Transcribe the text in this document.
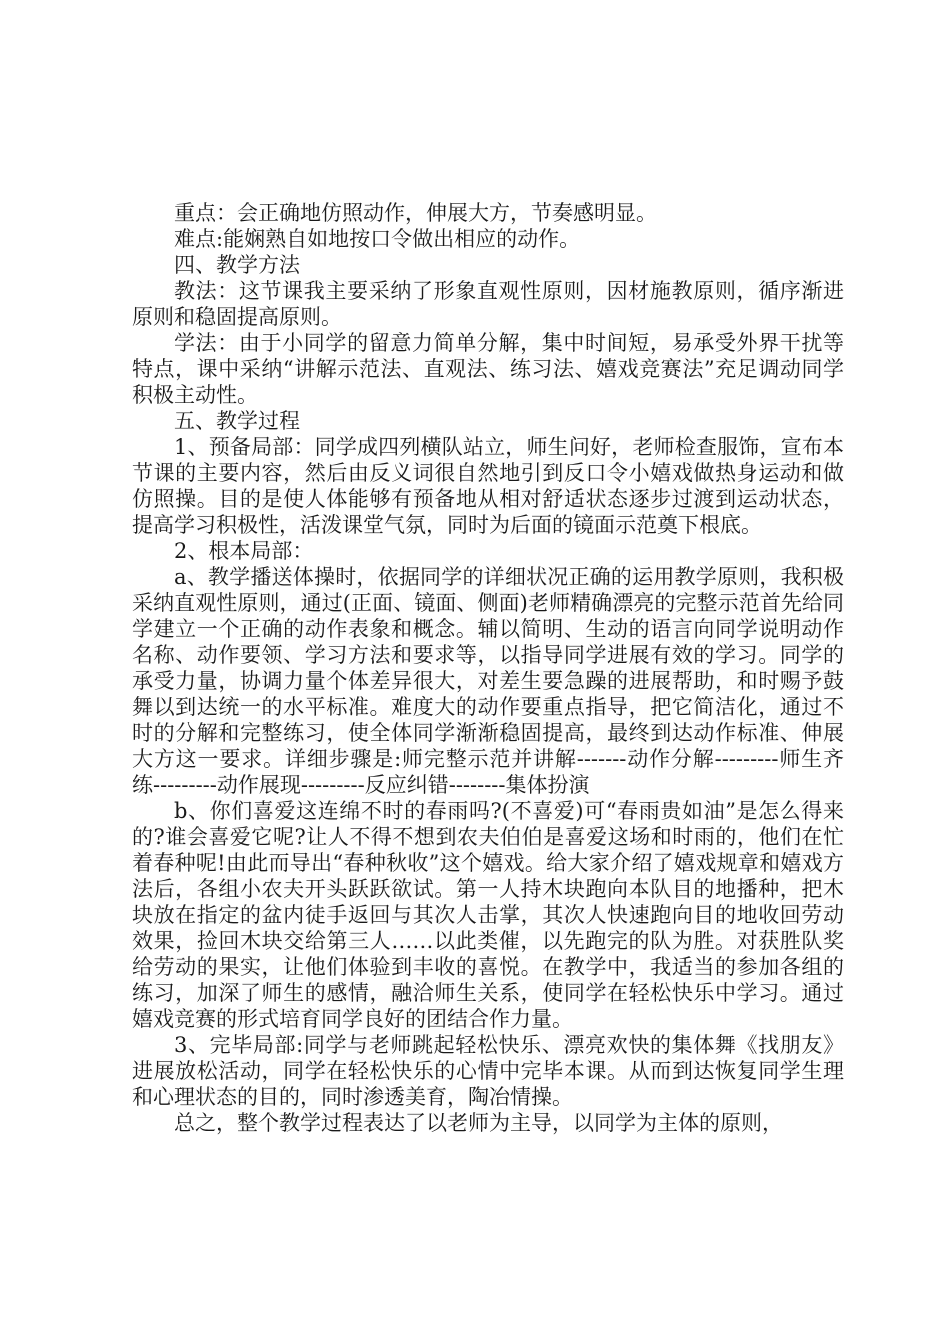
重点：会正确地仿照动作，伸展大方，节奏感明显。

难点:能娴熟自如地按口令做出相应的动作。

四、教学方法

教法：这节课我主要采纳了形象直观性原则，因材施教原则，循序渐进原则和稳固提高原则。

学法：由于小同学的留意力简单分解，集中时间短，易承受外界干扰等特点，课中采纳“讲解示范法、直观法、练习法、嬉戏竞赛法”充足调动同学积极主动性。

五、教学过程

1、预备局部：同学成四列横队站立，师生问好，老师检查服饰，宣布本节课的主要内容，然后由反义词很自然地引到反口令小嬉戏做热身运动和做仿照操。目的是使人体能够有预备地从相对舒适状态逐步过渡到运动状态，提高学习积极性，活泼课堂气氛，同时为后面的镜面示范奠下根底。

2、根本局部：

a、教学播送体操时，依据同学的详细状况正确的运用教学原则，我积极采纳直观性原则，通过(正面、镜面、侧面)老师精确漂亮的完整示范首先给同学建立一个正确的动作表象和概念。辅以简明、生动的语言向同学说明动作名称、动作要领、学习方法和要求等，以指导同学进展有效的学习。同学的承受力量，协调力量个体差异很大，对差生要急躁的进展帮助，和时赐予鼓舞以到达统一的水平标准。难度大的动作要重点指导，把它简洁化，通过不时的分解和完整练习，使全体同学渐渐稳固提高，最终到达动作标准、伸展大方这一要求。详细步骤是:师完整示范并讲解-------动作分解---------师生齐练---------动作展现---------反应纠错--------集体扮演

b、你们喜爱这连绵不时的春雨吗?(不喜爱)可“春雨贵如油”是怎么得来的?谁会喜爱它呢?让人不得不想到农夫伯伯是喜爱这场和时雨的，他们在忙着春种呢!由此而导出“春种秋收”这个嬉戏。给大家介绍了嬉戏规章和嬉戏方法后，各组小农夫开头跃跃欲试。第一人持木块跑向本队目的地播种，把木块放在指定的盆内徒手返回与其次人击掌，其次人快速跑向目的地收回劳动效果，捡回木块交给第三人……以此类催，以先跑完的队为胜。对获胜队奖给劳动的果实，让他们体验到丰收的喜悦。在教学中，我适当的参加各组的练习，加深了师生的感情，融洽师生关系，使同学在轻松快乐中学习。通过嬉戏竞赛的形式培育同学良好的团结合作力量。

3、完毕局部:同学与老师跳起轻松快乐、漂亮欢快的集体舞《找朋友》进展放松活动，同学在轻松快乐的心情中完毕本课。从而到达恢复同学生理和心理状态的目的，同时渗透美育，陶冶情操。

总之，整个教学过程表达了以老师为主导，以同学为主体的原则，
